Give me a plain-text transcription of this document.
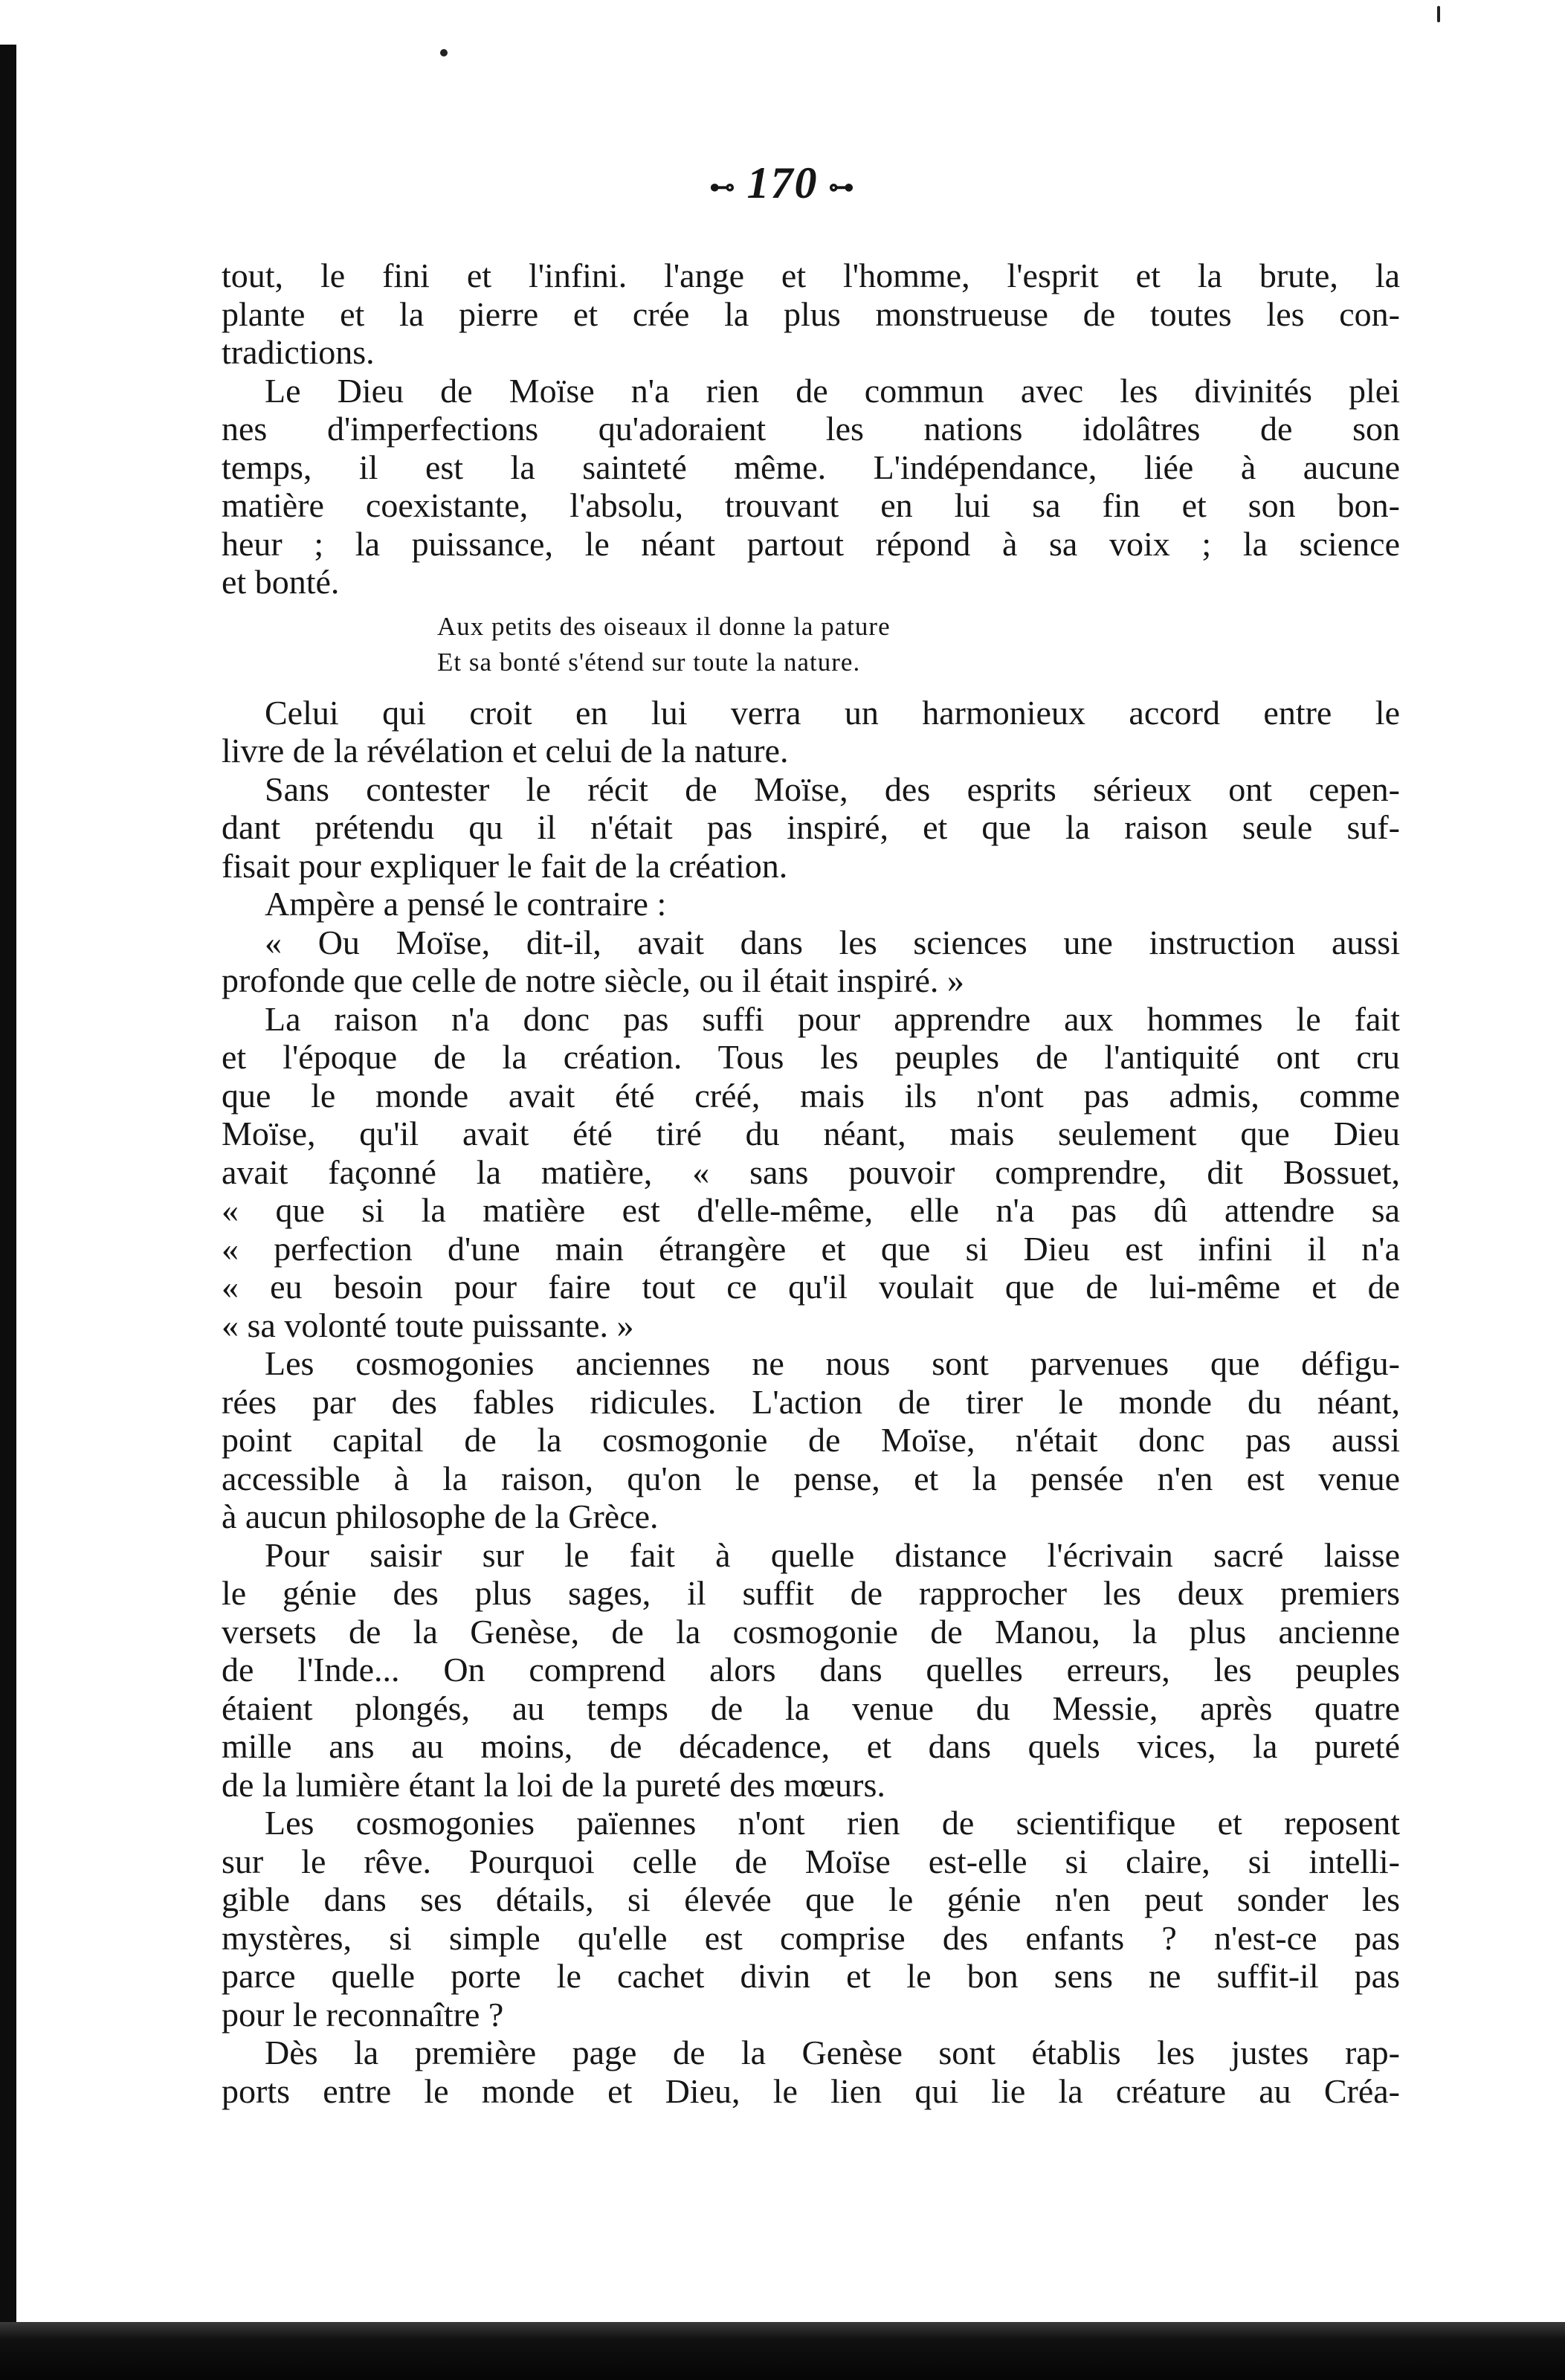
⊷ 170 ⊶
tout, le fini et l'infini. l'ange et l'homme, l'esprit et la brute, la
plante et la pierre et crée la plus monstrueuse de toutes les con-
tradictions.
Le Dieu de Moïse n'a rien de commun avec les divinités plei
nes d'imperfections qu'adoraient les nations idolâtres de son
temps, il est la sainteté même. L'indépendance, liée à aucune
matière coexistante, l'absolu, trouvant en lui sa fin et son bon-
heur ; la puissance, le néant partout répond à sa voix ; la science
et bonté.
Aux petits des oiseaux il donne la pature
Et sa bonté s'étend sur toute la nature.
Celui qui croit en lui verra un harmonieux accord entre le
livre de la révélation et celui de la nature.
Sans contester le récit de Moïse, des esprits sérieux ont cepen-
dant prétendu qu il n'était pas inspiré, et que la raison seule suf-
fisait pour expliquer le fait de la création.
Ampère a pensé le contraire :
« Ou Moïse, dit-il, avait dans les sciences une instruction aussi
profonde que celle de notre siècle, ou il était inspiré. »
La raison n'a donc pas suffi pour apprendre aux hommes le fait
et l'époque de la création. Tous les peuples de l'antiquité ont cru
que le monde avait été créé, mais ils n'ont pas admis, comme
Moïse, qu'il avait été tiré du néant, mais seulement que Dieu
avait façonné la matière, « sans pouvoir comprendre, dit Bossuet,
« que si la matière est d'elle-même, elle n'a pas dû attendre sa
« perfection d'une main étrangère et que si Dieu est infini il n'a
« eu besoin pour faire tout ce qu'il voulait que de lui-même et de
« sa volonté toute puissante. »
Les cosmogonies anciennes ne nous sont parvenues que défigu-
rées par des fables ridicules. L'action de tirer le monde du néant,
point capital de la cosmogonie de Moïse, n'était donc pas aussi
accessible à la raison, qu'on le pense, et la pensée n'en est venue
à aucun philosophe de la Grèce.
Pour saisir sur le fait à quelle distance l'écrivain sacré laisse
le génie des plus sages, il suffit de rapprocher les deux premiers
versets de la Genèse, de la cosmogonie de Manou, la plus ancienne
de l'Inde... On comprend alors dans quelles erreurs, les peuples
étaient plongés, au temps de la venue du Messie, après quatre
mille ans au moins, de décadence, et dans quels vices, la pureté
de la lumière étant la loi de la pureté des mœurs.
Les cosmogonies païennes n'ont rien de scientifique et reposent
sur le rêve. Pourquoi celle de Moïse est-elle si claire, si intelli-
gible dans ses détails, si élevée que le génie n'en peut sonder les
mystères, si simple qu'elle est comprise des enfants ? n'est-ce pas
parce quelle porte le cachet divin et le bon sens ne suffit-il pas
pour le reconnaître ?
Dès la première page de la Genèse sont établis les justes rap-
ports entre le monde et Dieu, le lien qui lie la créature au Créa-
